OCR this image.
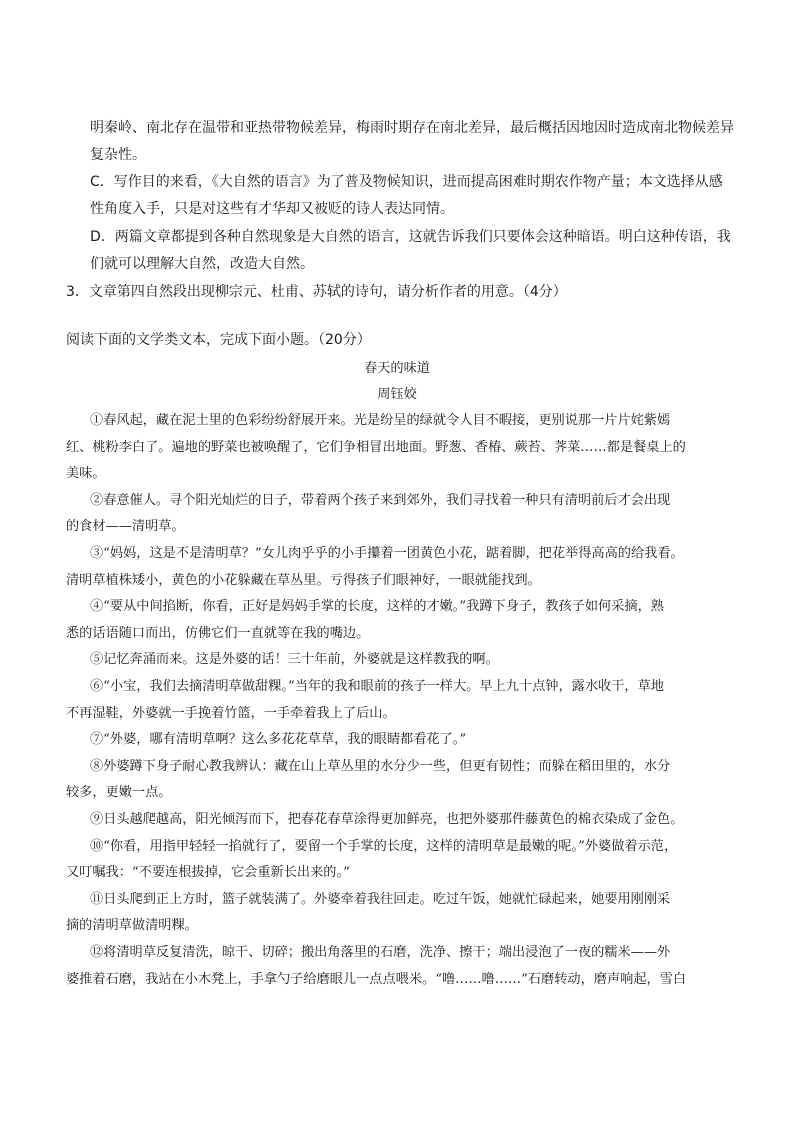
明秦岭、南北存在温带和亚热带物候差异，梅雨时期存在南北差异，最后概括因地因时造成南北物候差异
复杂性。
C．写作目的来看，《大自然的语言》为了普及物候知识，进而提高困难时期农作物产量；本文选择从感
性角度入手，只是对这些有才华却又被贬的诗人表达同情。
D．两篇文章都提到各种自然现象是大自然的语言，这就告诉我们只要体会这种暗语。明白这种传语，我
们就可以理解大自然，改造大自然。
3．文章第四自然段出现柳宗元、杜甫、苏轼的诗句，请分析作者的用意。（4分）
阅读下面的文学类文本，完成下面小题。（20分）
春天的味道
周钰姣
①春风起，藏在泥土里的色彩纷纷舒展开来。光是纷呈的绿就令人目不暇接，更别说那一片片姹紫嫣
红、桃粉李白了。遍地的野菜也被唤醒了，它们争相冒出地面。野葱、香椿、蕨苔、荠菜……都是餐桌上的
美味。
②春意催人。寻个阳光灿烂的日子，带着两个孩子来到郊外，我们寻找着一种只有清明前后才会出现
的食材——清明草。
③“妈妈，这是不是清明草？”女儿肉乎乎的小手攥着一团黄色小花，踮着脚，把花举得高高的给我看。
清明草植株矮小，黄色的小花躲藏在草丛里。亏得孩子们眼神好，一眼就能找到。
④“要从中间掐断，你看，正好是妈妈手掌的长度，这样的才嫩。”我蹲下身子，教孩子如何采摘，熟
悉的话语随口而出，仿佛它们一直就等在我的嘴边。
⑤记忆奔涌而来。这是外婆的话！三十年前，外婆就是这样教我的啊。
⑥“小宝，我们去摘清明草做甜粿。”当年的我和眼前的孩子一样大。早上九十点钟，露水收干，草地
不再湿鞋，外婆就一手挽着竹篮，一手牵着我上了后山。
⑦“外婆，哪有清明草啊？这么多花花草草，我的眼睛都看花了。”
⑧外婆蹲下身子耐心教我辨认：藏在山上草丛里的水分少一些，但更有韧性；而躲在稻田里的，水分
较多，更嫩一点。
⑨日头越爬越高，阳光倾泻而下，把春花春草涂得更加鲜亮，也把外婆那件藤黄色的棉衣染成了金色。
⑩“你看，用指甲轻轻一掐就行了，要留一个手掌的长度，这样的清明草是最嫩的呢。”外婆做着示范，
又叮嘱我：“不要连根拔掉，它会重新长出来的。”
⑪日头爬到正上方时，篮子就装满了。外婆牵着我往回走。吃过午饭，她就忙碌起来，她要用刚刚采
摘的清明草做清明粿。
⑫将清明草反复清洗，晾干、切碎；搬出角落里的石磨，洗净、擦干；端出浸泡了一夜的糯米——外
婆推着石磨，我站在小木凳上，手拿勺子给磨眼儿一点点喂米。“噜……噜……”石磨转动，磨声响起，雪白
